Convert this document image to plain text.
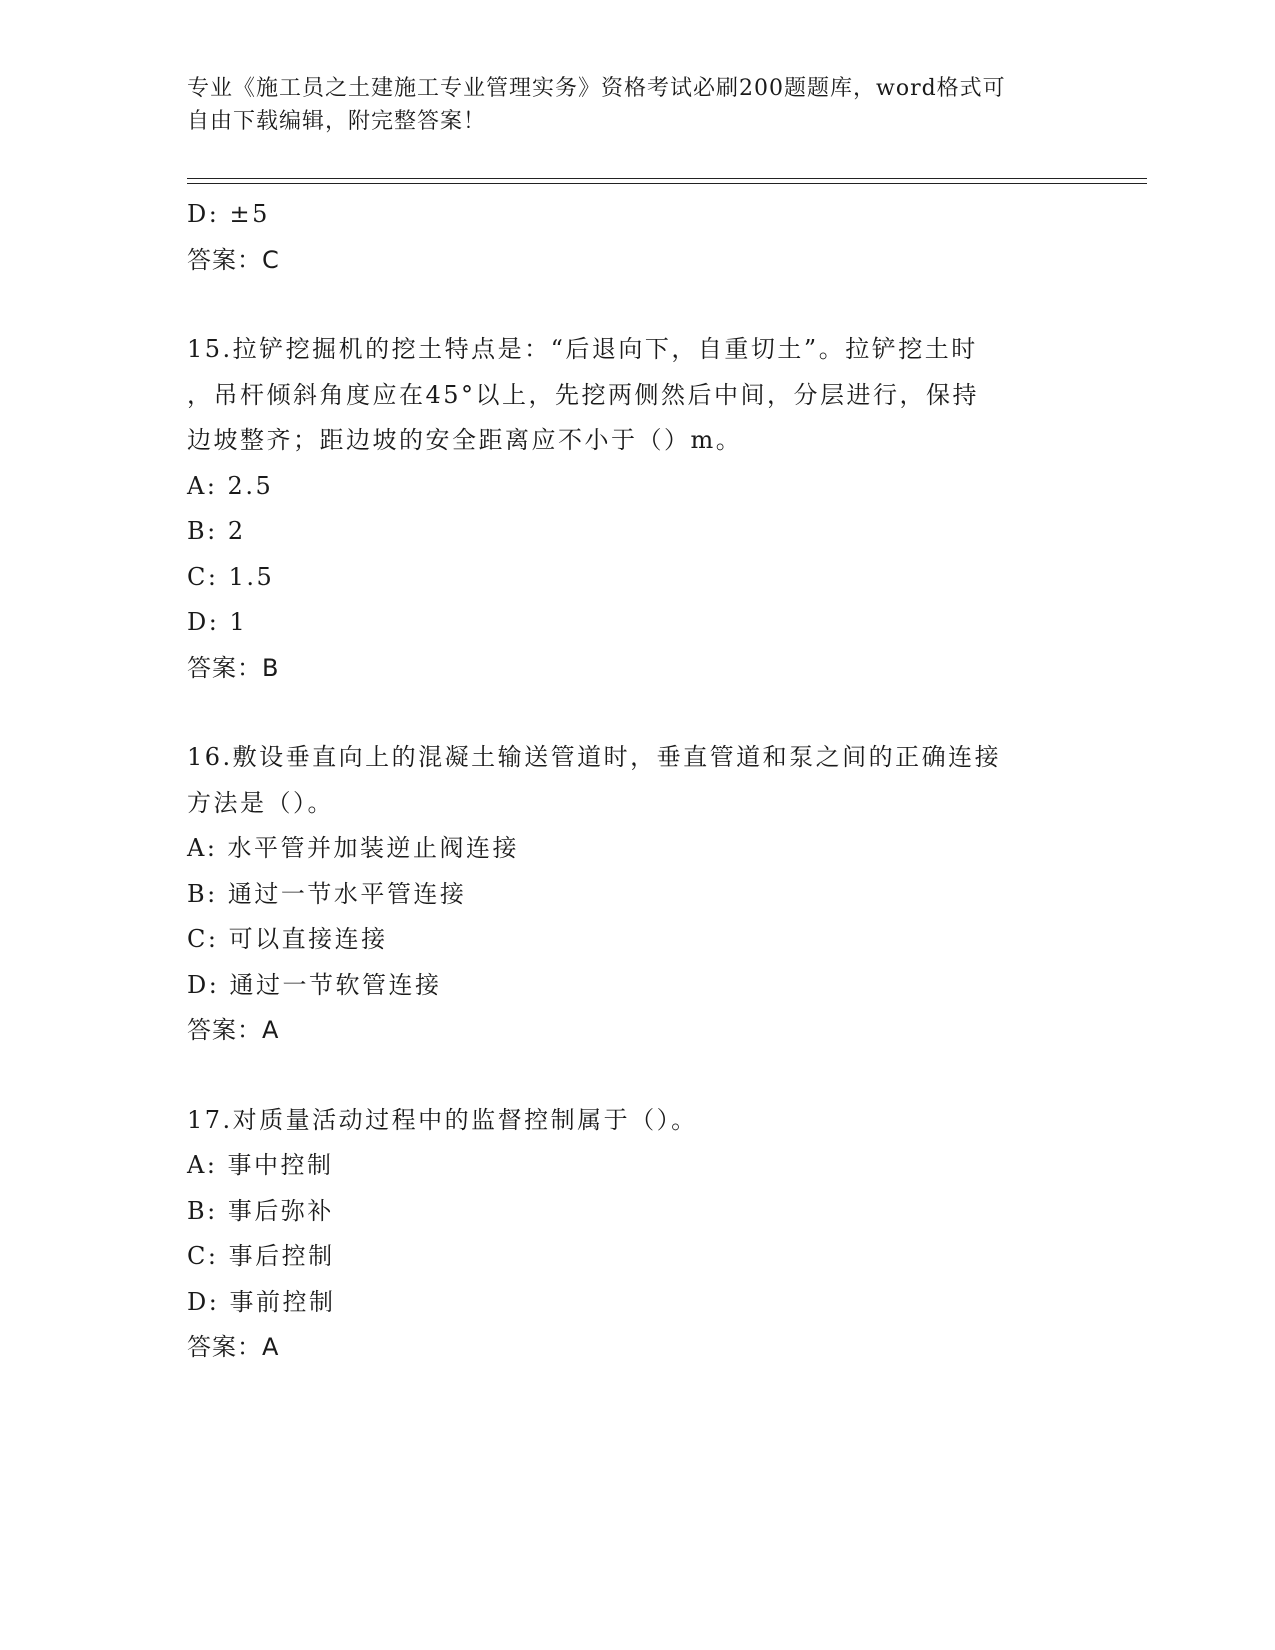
专业《施工员之土建施工专业管理实务》资格考试必刷200题题库，word格式可
自由下载编辑，附完整答案！
D: ±5
答案：C
15.拉铲挖掘机的挖土特点是：“后退向下，自重切土”。拉铲挖土时
，吊杆倾斜角度应在45°以上，先挖两侧然后中间，分层进行，保持
边坡整齐；距边坡的安全距离应不小于（）m。
A: 2.5
B: 2
C: 1.5
D: 1
答案：B
16.敷设垂直向上的混凝土输送管道时，垂直管道和泵之间的正确连接
方法是（）。
A: 水平管并加装逆止阀连接
B: 通过一节水平管连接
C: 可以直接连接
D: 通过一节软管连接
答案：A
17.对质量活动过程中的监督控制属于（）。
A: 事中控制
B: 事后弥补
C: 事后控制
D: 事前控制
答案：A
